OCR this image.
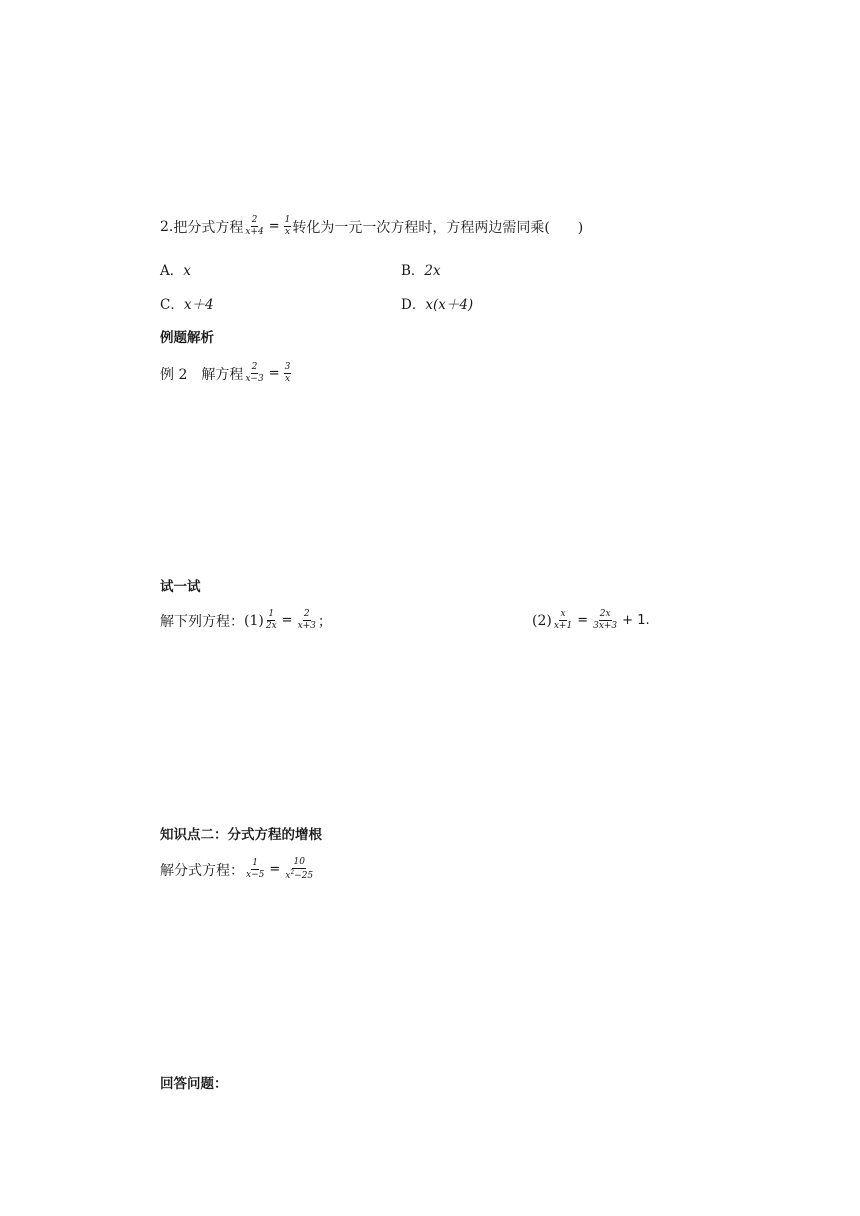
2. 把分式方程 $\frac{2}{x+4} = \frac{1}{x}$ 转化为一元一次方程时，方程两边需同乘(　　)
A．x	B．2x
C．x＋4	D．x(x＋4)
例题解析
例 2　解方程 $\frac{2}{x-3} = \frac{3}{x}$
试一试
解下列方程： $(1) \frac{1}{2x} = \frac{2}{x+3}$ ；	$(2) \frac{x}{x+1} = \frac{2x}{3x+3} + 1$.
知识点二：分式方程的增根
解分式方程： $\frac{1}{x-5} = \frac{10}{x^2-25}$
回答问题：
